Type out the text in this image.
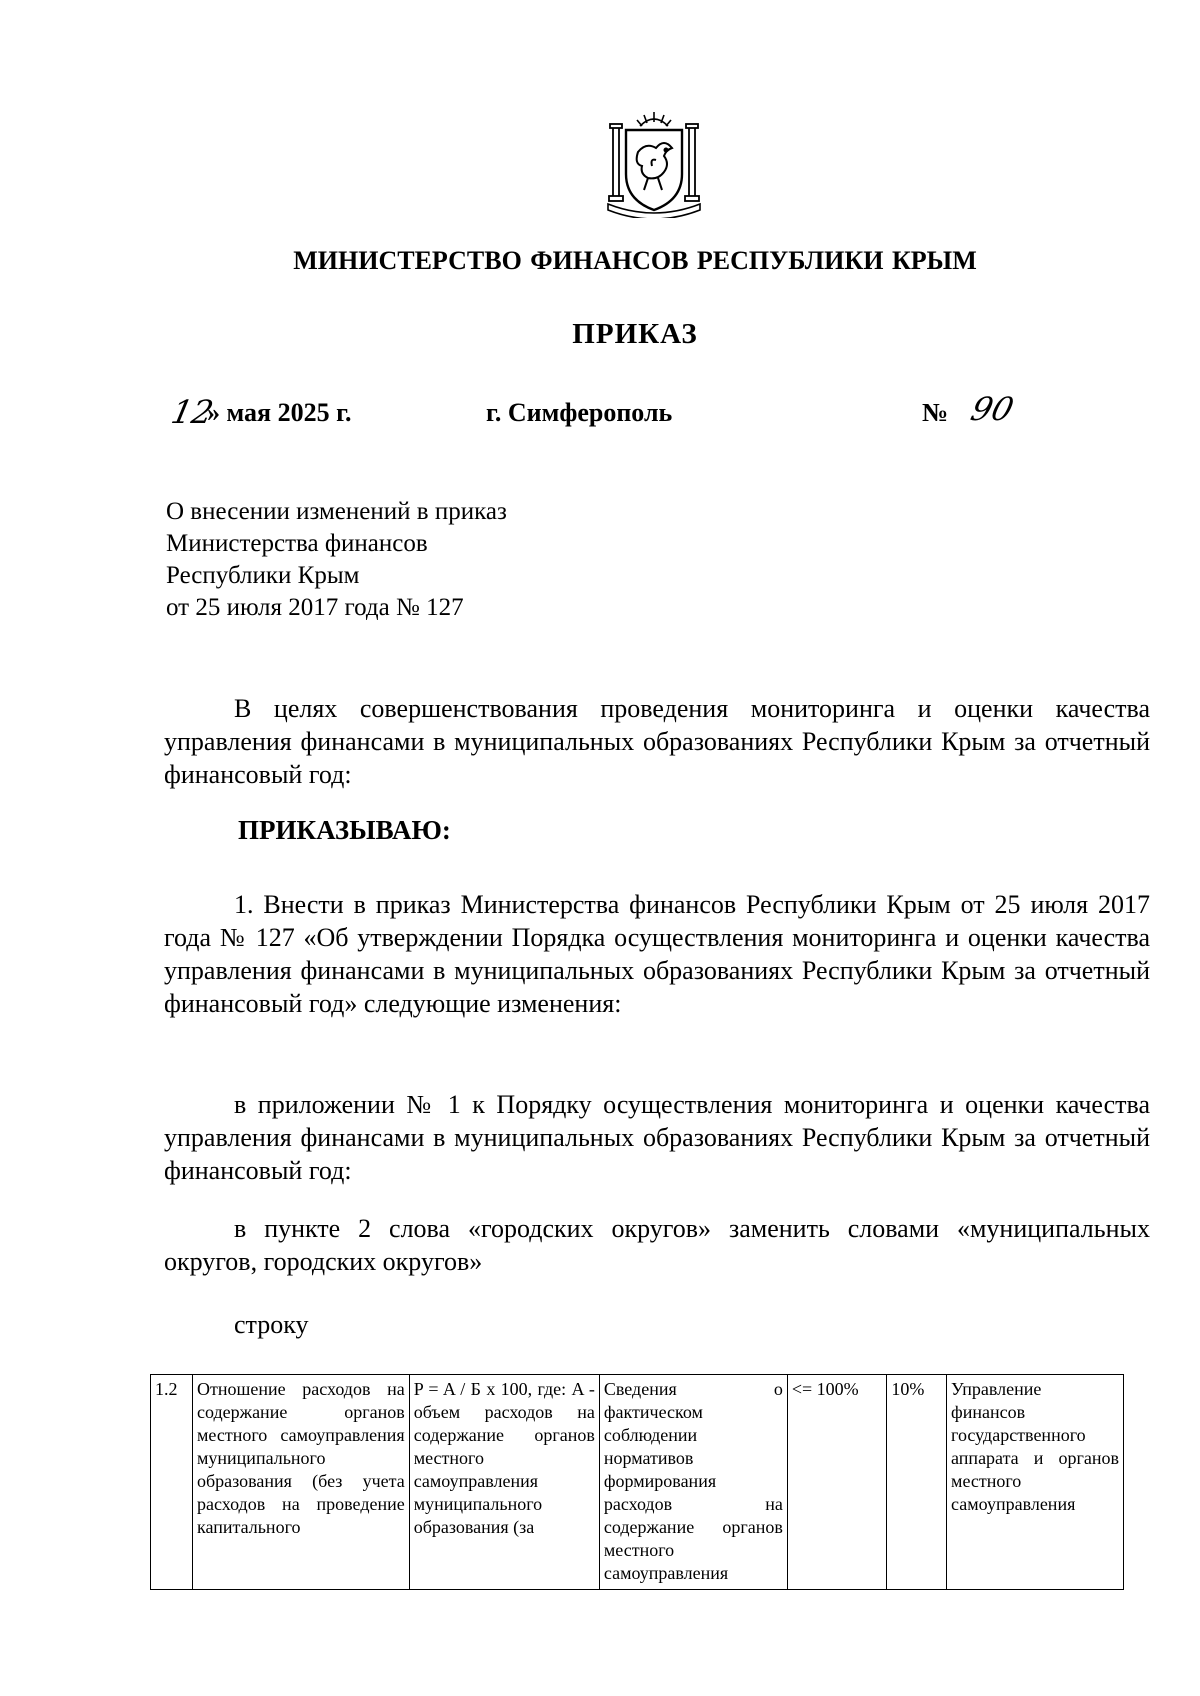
МИНИСТЕРСТВО ФИНАНСОВ РЕСПУБЛИКИ КРЫМ
ПРИКАЗ
12
» мая 2025 г.	г. Симферополь	№ 90
О внесении изменений в приказ
Министерства финансов
Республики Крым
от 25 июля 2017 года № 127
В целях совершенствования проведения мониторинга и оценки качества управления финансами в муниципальных образованиях Республики Крым за отчетный финансовый год:
ПРИКАЗЫВАЮ:
1. Внести в приказ Министерства финансов Республики Крым от 25 июля 2017 года № 127 «Об утверждении Порядка осуществления мониторинга и оценки качества управления финансами в муниципальных образованиях Республики Крым за отчетный финансовый год» следующие изменения:
в приложении № 1 к Порядку осуществления мониторинга и оценки качества управления финансами в муниципальных образованиях Республики Крым за отчетный финансовый год:
в пункте 2 слова «городских округов» заменить словами «муниципальных округов, городских округов»
строку
1.2	Отношение расходов на содержание органов местного самоуправления муниципального образования (без учета расходов на проведение капитального	P = A / Б x 100, где: A - объем расходов на содержание органов местного самоуправления муниципального образования (за	Сведения о фактическом соблюдении нормативов формирования расходов на содержание органов местного самоуправления	<= 100%	10%	Управление финансов государственного аппарата и органов местного самоуправления
